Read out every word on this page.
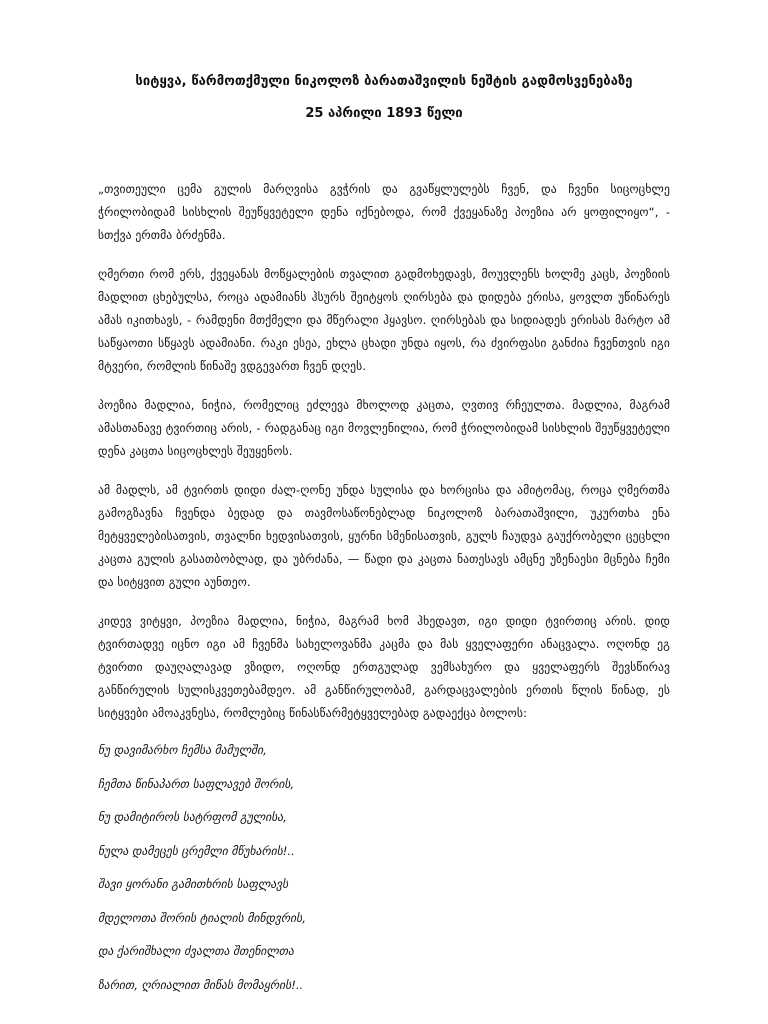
სიტყვა, წარმოთქმული ნიკოლოზ ბარათაშვილის ნეშტის გადმოსვენებაზე
25 აპრილი 1893 წელი

„თვითეული ცემა გულის მარღვისა გვჭრის და გვაწყლულებს ჩვენ, და ჩვენი სიცოცხლე ჭრილობიდამ სისხლის შეუწყვეტელი დენა იქნებოდა, რომ ქვეყანაზე პოეზია არ ყოფილიყო“, - სთქვა ერთმა ბრძენმა.

ღმერთი რომ ერს, ქვეყანას მოწყალების თვალით გადმოხედავს, მოუვლენს ხოლმე კაცს, პოეზიის მადლით ცხებულსა, როცა ადამიანს ჰსურს შეიტყოს ღირსება და დიდება ერისა, ყოვლთ უწინარეს ამას იკითხავს, - რამდენი მთქმელი და მწერალი ჰყავსო. ღირსებას და სიდიადეს ერისას მარტო ამ საწყაოთი სწყავს ადამიანი. რაკი ესეა, ეხლა ცხადი უნდა იყოს, რა ძვირფასი განძია ჩვენთვის იგი მტვერი, რომლის წინაშე ვდგევართ ჩვენ დღეს.

პოეზია მადლია, ნიჭია, რომელიც ეძლევა მხოლოდ კაცთა, ღვთივ რჩეულთა. მადლია, მაგრამ ამასთანავე ტვირთიც არის, - რადგანაც იგი მოვლენილია, რომ ჭრილობიდამ სისხლის შეუწყვეტელი დენა კაცთა სიცოცხლეს შეუყენოს.

ამ მადლს, ამ ტვირთს დიდი ძალ-ღონე უნდა სულისა და ხორცისა და ამიტომაც, როცა ღმერთმა გამოგზავნა ჩვენდა ბედად და თავმოსაწონებლად ნიკოლოზ ბარათაშვილი, უკურთხა ენა მეტყველებისათვის, თვალნი ხედვისათვის, ყურნი სმენისათვის, გულს ჩაუდვა გაუქრობელი ცეცხლი კაცთა გულის გასათბობლად, და უბრძანა, — წადი და კაცთა ნათესავს ამცნე უზენაესი მცნება ჩემი და სიტყვით გული აუნთეო.

კიდევ ვიტყვი, პოეზია მადლია, ნიჭია, მაგრამ ხომ ჰხედავთ, იგი დიდი ტვირთიც არის. დიდ ტვირთადვე იცნო იგი ამ ჩვენმა სახელოვანმა კაცმა და მას ყველაფერი ანაცვალა. ოღონდ ეგ ტვირთი დაუღალავად ვზიდო, ოღონდ ერთგულად ვემსახურო და ყველაფერს შევსწირავ განწირულის სულისკვეთებამდეო. ამ განწირულობამ, გარდაცვალების ერთის წლის წინად, ეს სიტყვები ამოაკვნესა, რომლებიც წინასწარმეტყველებად გადაექცა ბოლოს:

ნუ დავიმარხო ჩემსა მამულში,
ჩემთა წინაპართ საფლავებ შორის,
ნუ დამიტიროს სატრფომ გულისა,
ნულა დამეცეს ცრემლი მწუხარის!..
შავი ყორანი გამითხრის საფლავს
მდელოთა შორის ტიალის მინდვრის,
და ქარიშხალი ძვალთა შთენილთა
ზარით, ღრიალით მიწას მომაყრის!..
